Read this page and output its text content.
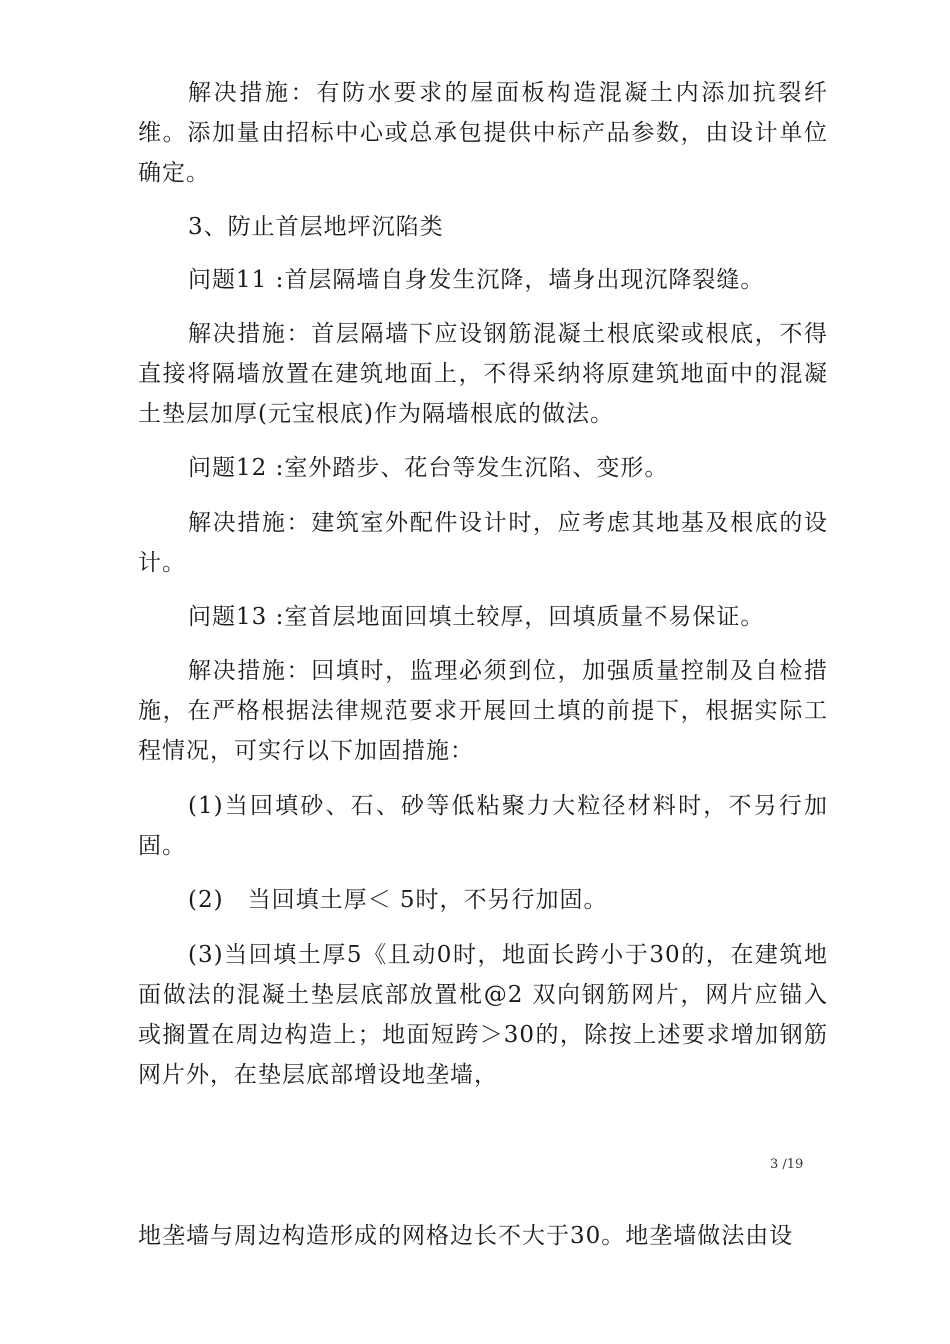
解决措施：有防水要求的屋面板构造混凝土内添加抗裂纤维。添加量由招标中心或总承包提供中标产品参数，由设计单位确定。

3、防止首层地坪沉陷类

问题11 :首层隔墙自身发生沉降，墙身出现沉降裂缝。

解决措施：首层隔墙下应设钢筋混凝土根底梁或根底，不得直接将隔墙放置在建筑地面上，不得采纳将原建筑地面中的混凝土垫层加厚(元宝根底)作为隔墙根底的做法。

问题12 :室外踏步、花台等发生沉陷、变形。

解决措施：建筑室外配件设计时，应考虑其地基及根底的设计。

问题13 :室首层地面回填土较厚，回填质量不易保证。

解决措施：回填时，监理必须到位，加强质量控制及自检措施，在严格根据法律规范要求开展回土填的前提下，根据实际工程情况，可实行以下加固措施：

(1)当回填砂、石、砂等低粘聚力大粒径材料时，不另行加固。

(2)　当回填土厚＜ 5时，不另行加固。

(3)当回填土厚5《且动0时，地面长跨小于30的，在建筑地面做法的混凝土垫层底部放置枇@2 双向钢筋网片，网片应锚入或搁置在周边构造上；地面短跨＞30的，除按上述要求增加钢筋网片外，在垫层底部增设地垄墙，

3 /19

地垄墙与周边构造形成的网格边长不大于30。地垄墙做法由设
